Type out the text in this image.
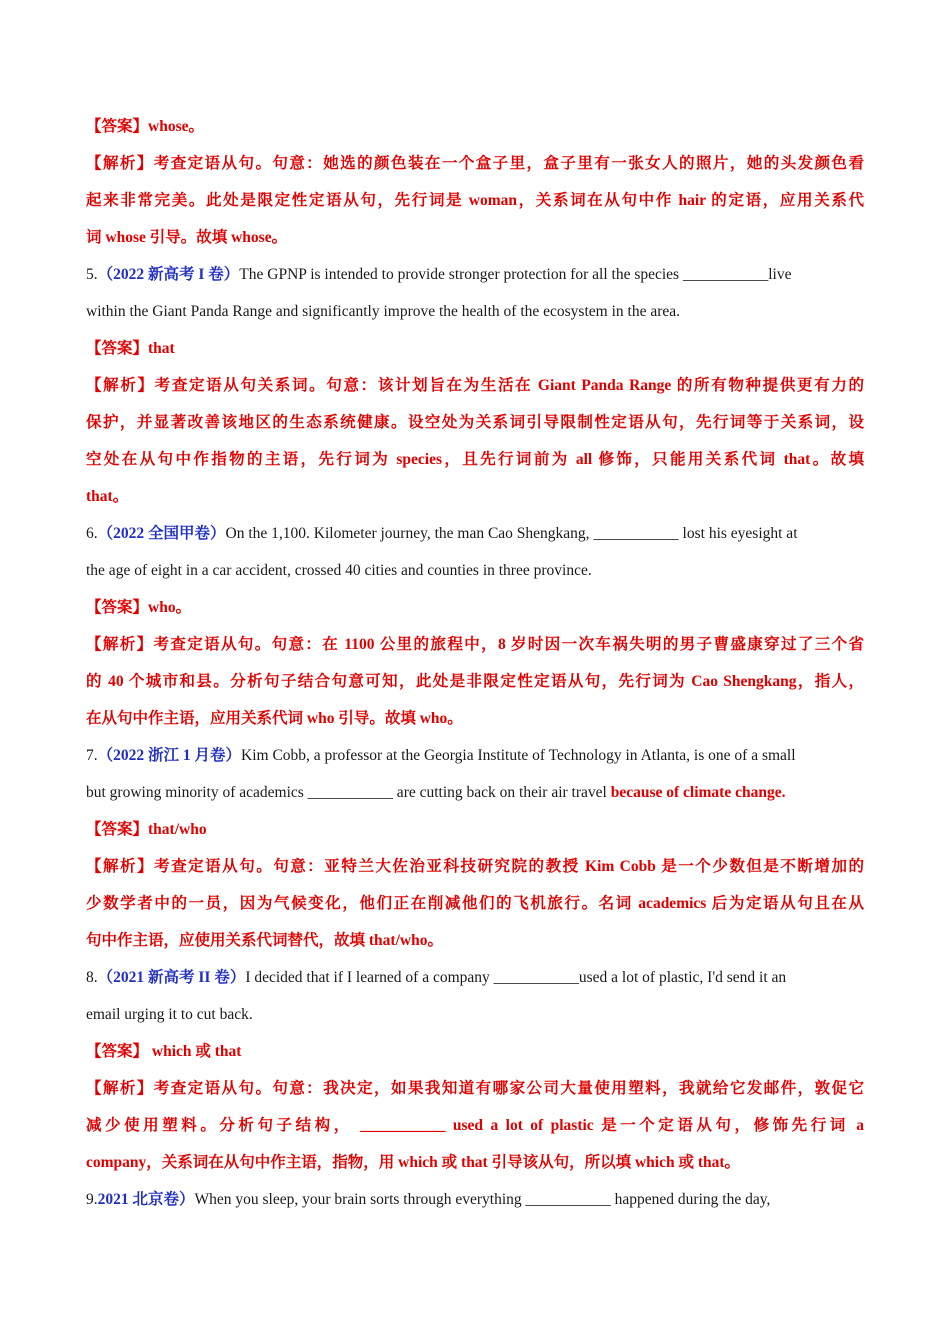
【答案】whose。
【解析】考查定语从句。句意：她选的颜色装在一个盒子里，盒子里有一张女人的照片，她的头发颜色看
起来非常完美。此处是限定性定语从句，先行词是 woman，关系词在从句中作 hair 的定语，应用关系代
词 whose 引导。故填 whose。
5.（2022 新高考 I 卷）The GPNP is intended to provide stronger protection for all the species ___________live
within the Giant Panda Range and significantly improve the health of the ecosystem in the area.
【答案】that
【解析】考查定语从句关系词。句意：该计划旨在为生活在 Giant Panda Range 的所有物种提供更有力的
保护，并显著改善该地区的生态系统健康。设空处为关系词引导限制性定语从句，先行词等于关系词，设
空处在从句中作指物的主语，先行词为 species，且先行词前为 all 修饰，只能用关系代词 that。故填
that。
6.（2022 全国甲卷）On the 1,100. Kilometer journey, the man Cao Shengkang, ___________ lost his eyesight at
the age of eight in a car accident, crossed 40 cities and counties in three province.
【答案】who。
【解析】考查定语从句。句意：在 1100 公里的旅程中，8 岁时因一次车祸失明的男子曹盛康穿过了三个省
的 40 个城市和县。分析句子结合句意可知，此处是非限定性定语从句，先行词为 Cao Shengkang，指人，
在从句中作主语，应用关系代词 who 引导。故填 who。
7.（2022 浙江 1 月卷）Kim Cobb, a professor at the Georgia Institute of Technology in Atlanta, is one of a small
but growing minority of academics ___________ are cutting back on their air travel because of climate change.
【答案】that/who
【解析】考查定语从句。句意：亚特兰大佐治亚科技研究院的教授 Kim Cobb 是一个少数但是不断增加的
少数学者中的一员，因为气候变化，他们正在削减他们的飞机旅行。名词 academics 后为定语从句且在从
句中作主语，应使用关系代词替代，故填 that/who。
8.（2021 新高考 II 卷）I decided that if I learned of a company ___________used a lot of plastic, I'd send it an
email urging it to cut back.
【答案】 which 或 that
【解析】考查定语从句。句意：我决定，如果我知道有哪家公司大量使用塑料，我就给它发邮件，敦促它
减少使用塑料。分析句子结构， ___________ used a lot of plastic 是一个定语从句，修饰先行词 a
company，关系词在从句中作主语，指物，用 which 或 that 引导该从句，所以填 which 或 that。
9.2021 北京卷）When you sleep, your brain sorts through everything ___________ happened during the day,
